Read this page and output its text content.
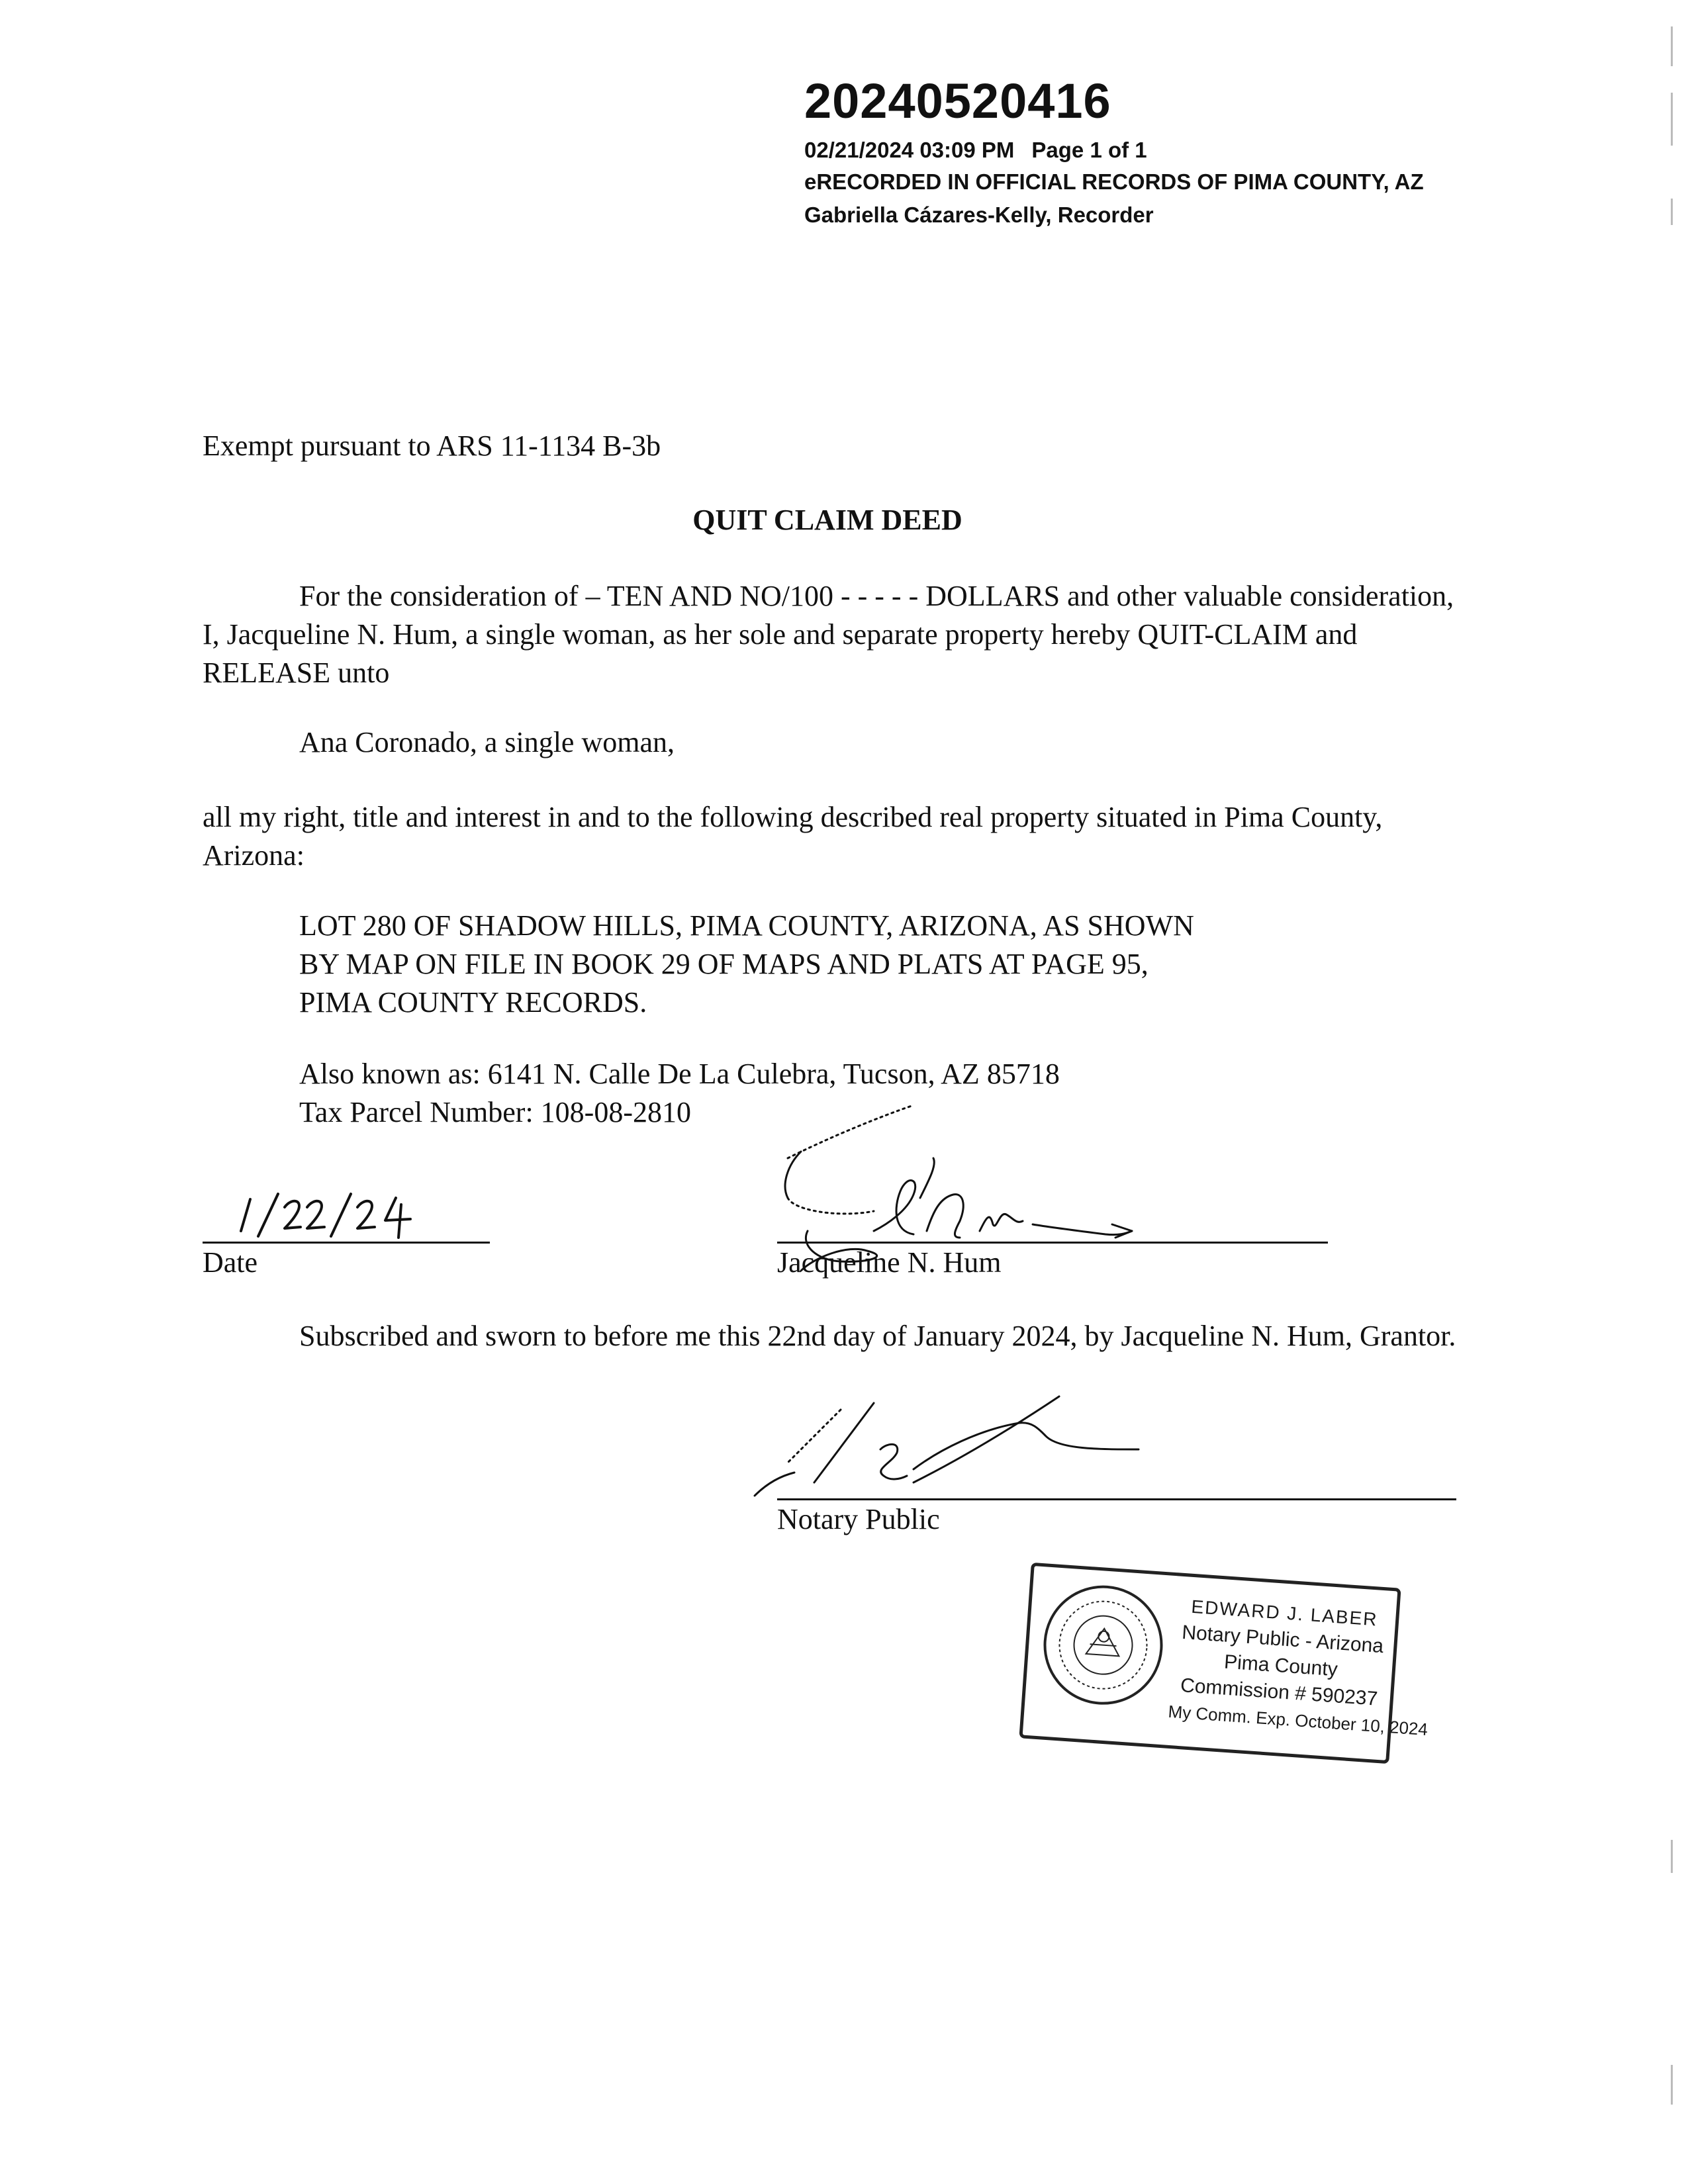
20240520416
02/21/2024 03:09 PM Page 1 of 1
eRECORDED IN OFFICIAL RECORDS OF PIMA COUNTY, AZ
Gabriella Cázares-Kelly, Recorder
Exempt pursuant to ARS 11-1134 B-3b
QUIT CLAIM DEED
For the consideration of – TEN AND NO/100 - - - - - DOLLARS and other valuable consideration, I, Jacqueline N. Hum, a single woman, as her sole and separate property hereby QUIT-CLAIM and RELEASE unto
Ana Coronado, a single woman,
all my right, title and interest in and to the following described real property situated in Pima County, Arizona:
LOT 280 OF SHADOW HILLS, PIMA COUNTY, ARIZONA, AS SHOWN
BY MAP ON FILE IN BOOK 29 OF MAPS AND PLATS AT PAGE 95,
PIMA COUNTY RECORDS.
Also known as: 6141 N. Calle De La Culebra, Tucson, AZ 85718
Tax Parcel Number: 108-08-2810
Date	Jacqueline N. Hum
Subscribed and sworn to before me this 22nd day of January 2024, by Jacqueline N. Hum, Grantor.
Notary Public
EDWARD J. LABER
Notary Public - Arizona
Pima County
Commission # 590237
My Comm. Exp. October 10, 2024
